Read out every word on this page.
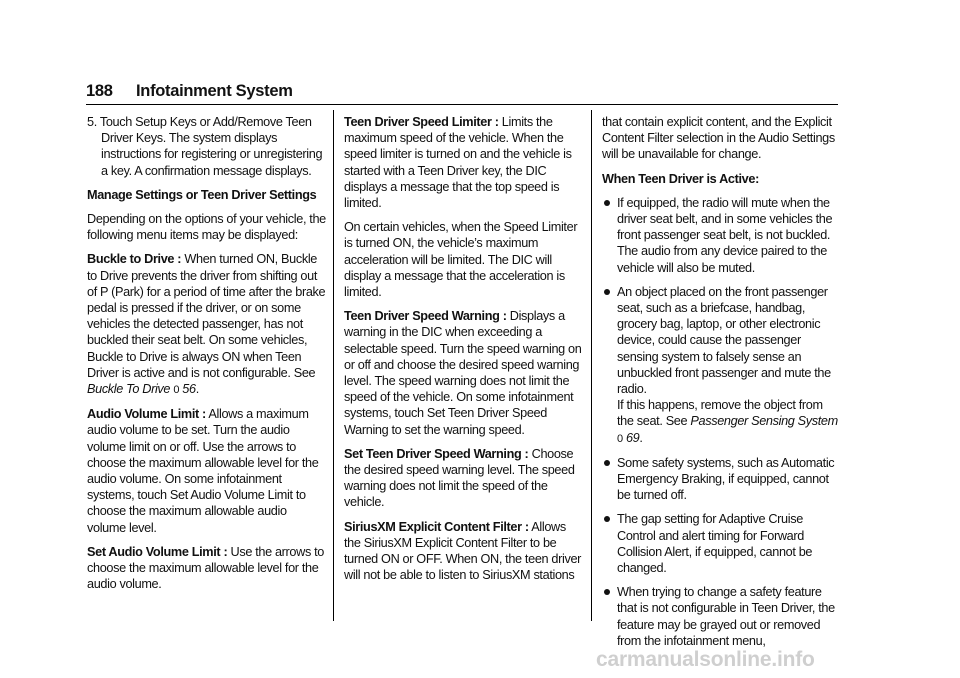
188 Infotainment System

5. Touch Setup Keys or Add/Remove Teen Driver Keys. The system displays instructions for registering or unregistering a key. A confirmation message displays.

Manage Settings or Teen Driver Settings

Depending on the options of your vehicle, the following menu items may be displayed:

Buckle to Drive : When turned ON, Buckle to Drive prevents the driver from shifting out of P (Park) for a period of time after the brake pedal is pressed if the driver, or on some vehicles the detected passenger, has not buckled their seat belt. On some vehicles, Buckle to Drive is always ON when Teen Driver is active and is not configurable. See Buckle To Drive 0 56.

Audio Volume Limit : Allows a maximum audio volume to be set. Turn the audio volume limit on or off. Use the arrows to choose the maximum allowable level for the audio volume. On some infotainment systems, touch Set Audio Volume Limit to choose the maximum allowable audio volume level.

Set Audio Volume Limit : Use the arrows to choose the maximum allowable level for the audio volume.

Teen Driver Speed Limiter : Limits the maximum speed of the vehicle. When the speed limiter is turned on and the vehicle is started with a Teen Driver key, the DIC displays a message that the top speed is limited.

On certain vehicles, when the Speed Limiter is turned ON, the vehicle’s maximum acceleration will be limited. The DIC will display a message that the acceleration is limited.

Teen Driver Speed Warning : Displays a warning in the DIC when exceeding a selectable speed. Turn the speed warning on or off and choose the desired speed warning level. The speed warning does not limit the speed of the vehicle. On some infotainment systems, touch Set Teen Driver Speed Warning to set the warning speed.

Set Teen Driver Speed Warning : Choose the desired speed warning level. The speed warning does not limit the speed of the vehicle.

SiriusXM Explicit Content Filter : Allows the SiriusXM Explicit Content Filter to be turned ON or OFF. When ON, the teen driver will not be able to listen to SiriusXM stations

that contain explicit content, and the Explicit Content Filter selection in the Audio Settings will be unavailable for change.

When Teen Driver is Active:

If equipped, the radio will mute when the driver seat belt, and in some vehicles the front passenger seat belt, is not buckled. The audio from any device paired to the vehicle will also be muted.
An object placed on the front passenger seat, such as a briefcase, handbag, grocery bag, laptop, or other electronic device, could cause the passenger sensing system to falsely sense an unbuckled front passenger and mute the radio.
If this happens, remove the object from the seat. See Passenger Sensing System
0 69.
Some safety systems, such as Automatic Emergency Braking, if equipped, cannot be turned off.
The gap setting for Adaptive Cruise Control and alert timing for Forward Collision Alert, if equipped, cannot be changed.
When trying to change a safety feature that is not configurable in Teen Driver, the feature may be grayed out or removed from the infotainment menu,
carmanualsonline.info
